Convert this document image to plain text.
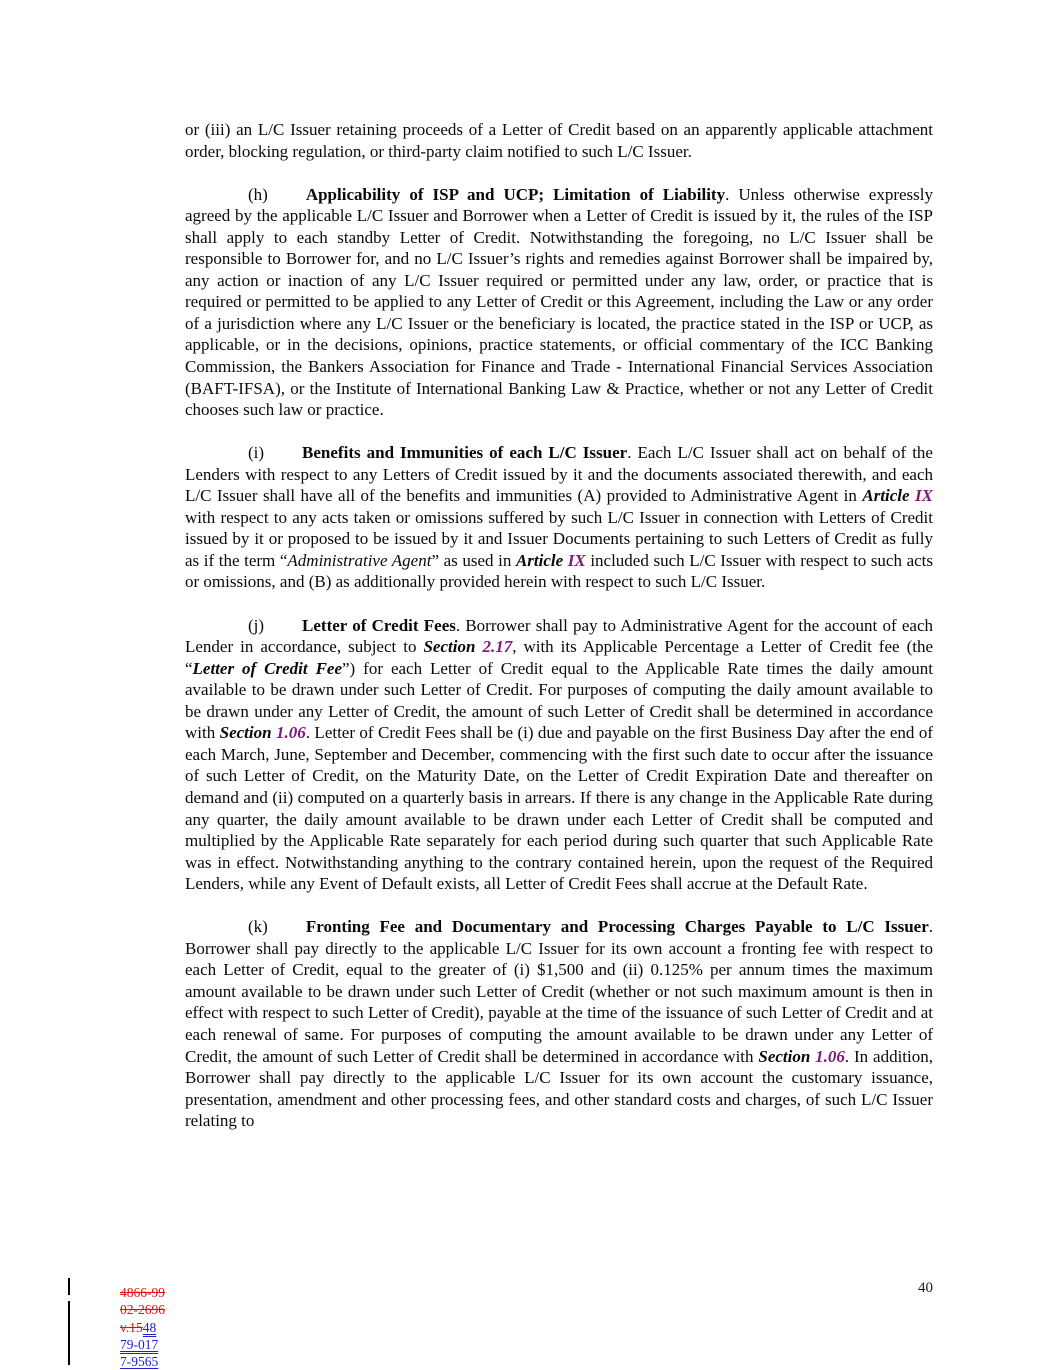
or (iii) an L/C Issuer retaining proceeds of a Letter of Credit based on an apparently applicable attachment order, blocking regulation, or third-party claim notified to such L/C Issuer.

(h) Applicability of ISP and UCP; Limitation of Liability. Unless otherwise expressly agreed by the applicable L/C Issuer and Borrower when a Letter of Credit is issued by it, the rules of the ISP shall apply to each standby Letter of Credit. Notwithstanding the foregoing, no L/C Issuer shall be responsible to Borrower for, and no L/C Issuer’s rights and remedies against Borrower shall be impaired by, any action or inaction of any L/C Issuer required or permitted under any law, order, or practice that is required or permitted to be applied to any Letter of Credit or this Agreement, including the Law or any order of a jurisdiction where any L/C Issuer or the beneficiary is located, the practice stated in the ISP or UCP, as applicable, or in the decisions, opinions, practice statements, or official commentary of the ICC Banking Commission, the Bankers Association for Finance and Trade - International Financial Services Association (BAFT-IFSA), or the Institute of International Banking Law & Practice, whether or not any Letter of Credit chooses such law or practice.

(i) Benefits and Immunities of each L/C Issuer. Each L/C Issuer shall act on behalf of the Lenders with respect to any Letters of Credit issued by it and the documents associated therewith, and each L/C Issuer shall have all of the benefits and immunities (A) provided to Administrative Agent in Article IX with respect to any acts taken or omissions suffered by such L/C Issuer in connection with Letters of Credit issued by it or proposed to be issued by it and Issuer Documents pertaining to such Letters of Credit as fully as if the term “Administrative Agent” as used in Article IX included such L/C Issuer with respect to such acts or omissions, and (B) as additionally provided herein with respect to such L/C Issuer.

(j) Letter of Credit Fees. Borrower shall pay to Administrative Agent for the account of each Lender in accordance, subject to Section 2.17, with its Applicable Percentage a Letter of Credit fee (the “Letter of Credit Fee”) for each Letter of Credit equal to the Applicable Rate times the daily amount available to be drawn under such Letter of Credit. For purposes of computing the daily amount available to be drawn under any Letter of Credit, the amount of such Letter of Credit shall be determined in accordance with Section 1.06. Letter of Credit Fees shall be (i) due and payable on the first Business Day after the end of each March, June, September and December, commencing with the first such date to occur after the issuance of such Letter of Credit, on the Maturity Date, on the Letter of Credit Expiration Date and thereafter on demand and (ii) computed on a quarterly basis in arrears. If there is any change in the Applicable Rate during any quarter, the daily amount available to be drawn under each Letter of Credit shall be computed and multiplied by the Applicable Rate separately for each period during such quarter that such Applicable Rate was in effect. Notwithstanding anything to the contrary contained herein, upon the request of the Required Lenders, while any Event of Default exists, all Letter of Credit Fees shall accrue at the Default Rate.

(k) Fronting Fee and Documentary and Processing Charges Payable to L/C Issuer. Borrower shall pay directly to the applicable L/C Issuer for its own account a fronting fee with respect to each Letter of Credit, equal to the greater of (i) $1,500 and (ii) 0.125% per annum times the maximum amount available to be drawn under such Letter of Credit (whether or not such maximum amount is then in effect with respect to such Letter of Credit), payable at the time of the issuance of such Letter of Credit and at each renewal of same. For purposes of computing the amount available to be drawn under any Letter of Credit, the amount of such Letter of Credit shall be determined in accordance with Section 1.06. In addition, Borrower shall pay directly to the applicable L/C Issuer for its own account the customary issuance, presentation, amendment and other processing fees, and other standard costs and charges, of such L/C Issuer relating to

4866-99
02-2696
v.1548
79-017
7-9565
40
